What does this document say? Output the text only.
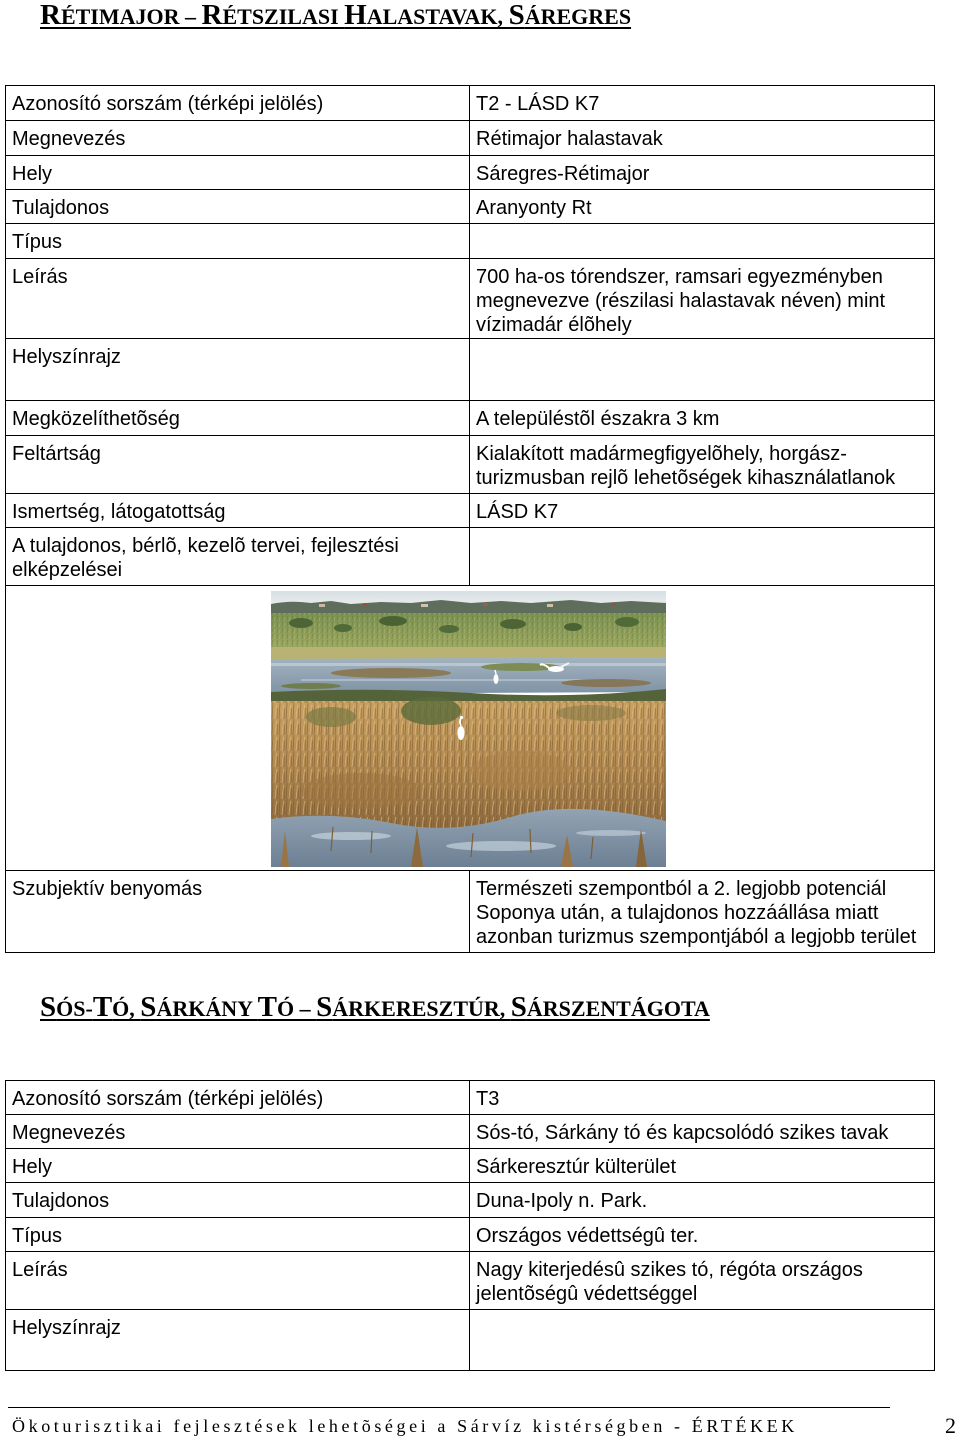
RÉTIMAJOR – RÉTSZILASI HALASTAVAK, SÁREGRES
Azonosító sorszám (térképi jelölés)	T2 - LÁSD K7
Megnevezés	Rétimajor halastavak
Hely	Sáregres-Rétimajor
Tulajdonos	Aranyonty Rt
Típus	
Leírás	700 ha-os tórendszer, ramsari egyezményben megnevezve (részilasi halastavak néven) mint vízimadár élõhely
Helyszínrajz	
Megközelíthetõség	A településtõl északra 3 km
Feltártság	Kialakított madármegfigyelõhely, horgász-turizmusban rejlõ lehetõségek kihasználatlanok
Ismertség, látogatottság	LÁSD K7
A tulajdonos, bérlõ, kezelõ tervei, fejlesztési elképzelései	

Szubjektív benyomás	Természeti szempontból a 2. legjobb potenciál Soponya után, a tulajdonos hozzáállása miatt azonban turizmus szempontjából a legjobb terület
SÓS-TÓ, SÁRKÁNY TÓ – SÁRKERESZTÚR, SÁRSZENTÁGOTA
Azonosító sorszám (térképi jelölés)	T3
Megnevezés	Sós-tó, Sárkány tó és kapcsolódó szikes tavak
Hely	Sárkeresztúr külterület
Tulajdonos	Duna-Ipoly n. Park.
Típus	Országos védettségû ter.
Leírás	Nagy kiterjedésû szikes tó, régóta országos jelentõségû védettséggel
Helyszínrajz	
Ökoturisztikai fejlesztések lehetõségei a Sárvíz kistérségben - ÉRTÉKEK	2
